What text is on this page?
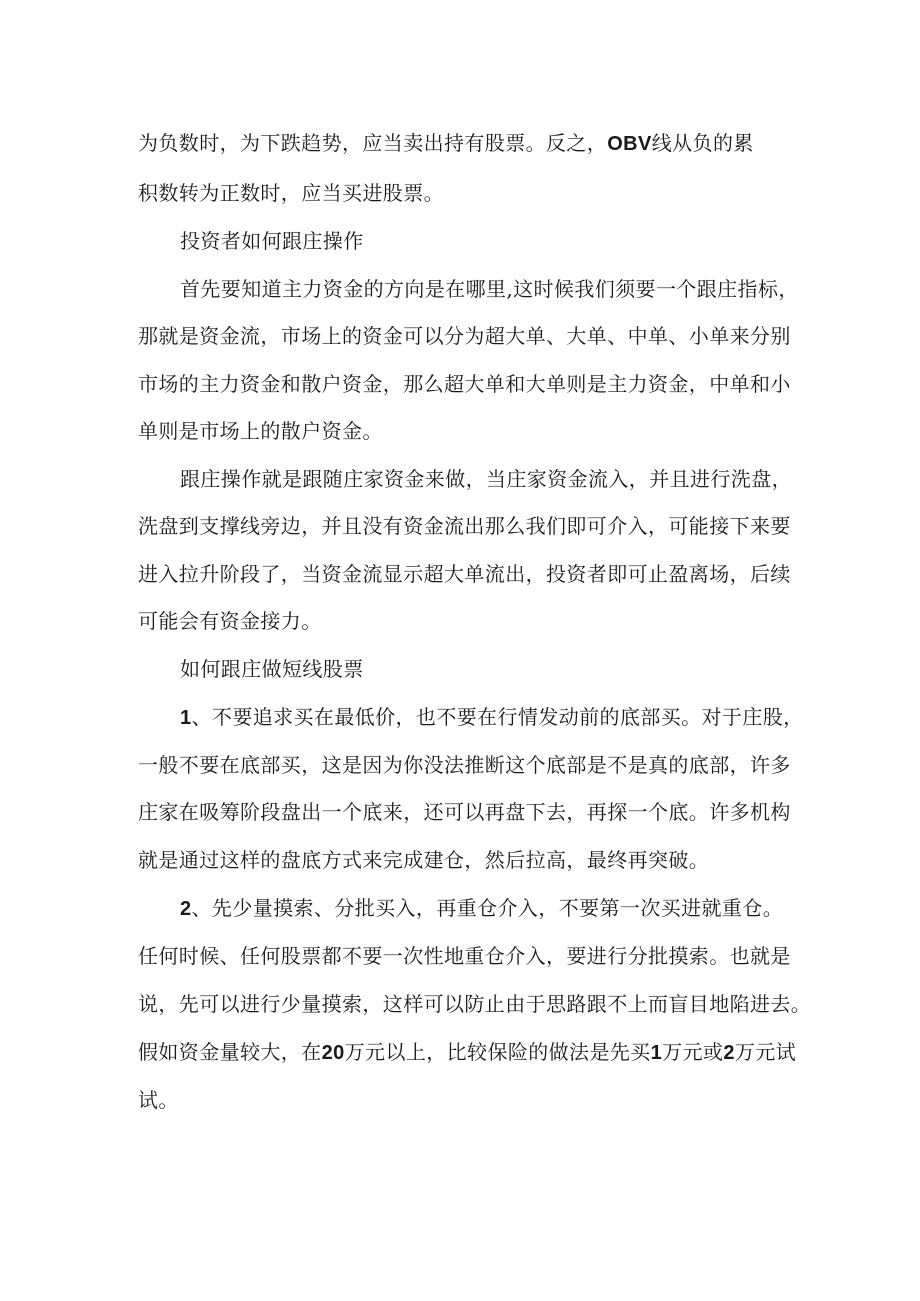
为负数时，为下跌趋势，应当卖出持有股票。反之，OBV线从负的累
积数转为正数时，应当买进股票。
投资者如何跟庄操作
首先要知道主力资金的方向是在哪里,这时候我们须要一个跟庄指标，
那就是资金流，市场上的资金可以分为超大单、大单、中单、小单来分别
市场的主力资金和散户资金，那么超大单和大单则是主力资金，中单和小
单则是市场上的散户资金。
跟庄操作就是跟随庄家资金来做，当庄家资金流入，并且进行洗盘，
洗盘到支撑线旁边，并且没有资金流出那么我们即可介入，可能接下来要
进入拉升阶段了，当资金流显示超大单流出，投资者即可止盈离场，后续
可能会有资金接力。
如何跟庄做短线股票
1、不要追求买在最低价，也不要在行情发动前的底部买。对于庄股，
一般不要在底部买，这是因为你没法推断这个底部是不是真的底部，许多
庄家在吸筹阶段盘出一个底来，还可以再盘下去，再探一个底。许多机构
就是通过这样的盘底方式来完成建仓，然后拉高，最终再突破。
2、先少量摸索、分批买入，再重仓介入，不要第一次买进就重仓。
任何时候、任何股票都不要一次性地重仓介入，要进行分批摸索。也就是
说，先可以进行少量摸索，这样可以防止由于思路跟不上而盲目地陷进去。
假如资金量较大，在20万元以上，比较保险的做法是先买1万元或2万元试
试。
